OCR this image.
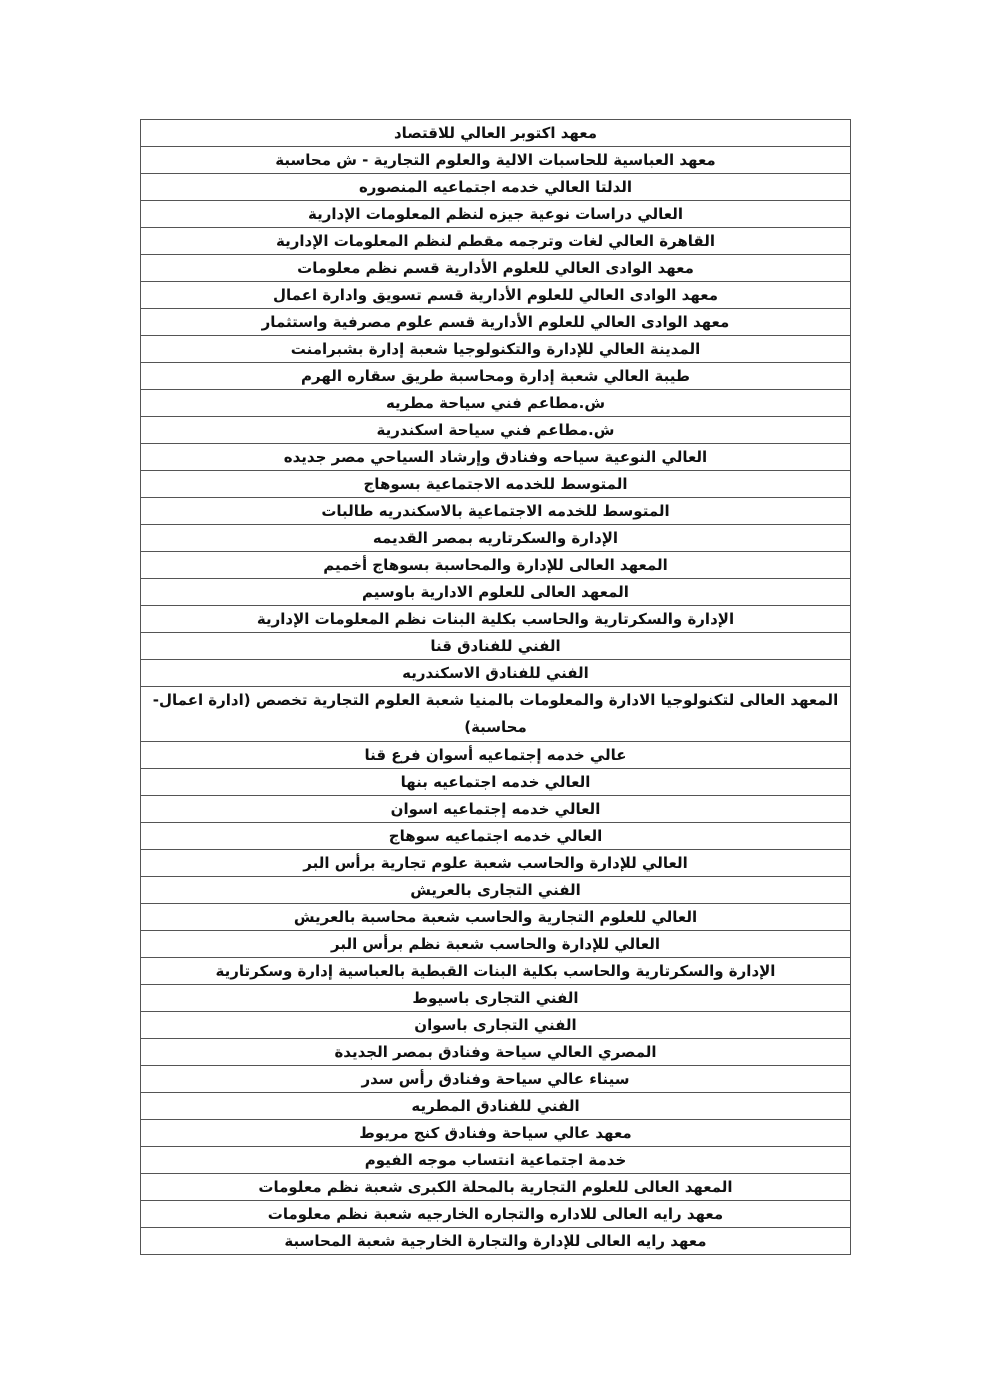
معهد اكتوبر العالي للاقتصاد
معهد العباسية للحاسبات الالية والعلوم التجارية - ش محاسبة
الدلتا العالي خدمه اجتماعيه المنصوره
العالي دراسات نوعية جيزه لنظم المعلومات الإدارية
القاهرة العالي لغات وترجمه مقطم لنظم المعلومات الإدارية
معهد الوادى العالي للعلوم الأدارية قسم نظم معلومات
معهد الوادى العالي للعلوم الأدارية قسم تسويق وادارة اعمال
معهد الوادى العالي للعلوم الأدارية قسم علوم مصرفية واستثمار
المدينة العالي للإدارة والتكنولوجيا شعبة إدارة بشبرامنت
طيبة العالي شعبة إدارة ومحاسبة طريق سقاره الهرم
ش.مطاعم فني سياحة مطريه
ش.مطاعم فني سياحة اسكندرية
العالي النوعية سياحه وفنادق وإرشاد السياحي مصر جديده
المتوسط للخدمه الاجتماعية بسوهاج
المتوسط للخدمه الاجتماعية بالاسكندريه طالبات
الإدارة والسكرتاريه بمصر القديمه
المعهد العالى للإدارة والمحاسبة بسوهاج أخميم
المعهد العالى للعلوم الادارية باوسيم
الإدارة والسكرتارية والحاسب بكلية البنات نظم المعلومات الإدارية
الفني للفنادق قنا
الفني للفنادق الاسكندريه
المعهد العالى لتكنولوجيا الادارة والمعلومات بالمنيا شعبة العلوم التجارية تخصص (ادارة اعمال-محاسبة)
عالي خدمه إجتماعيه أسوان فرع قنا
العالي خدمه اجتماعيه بنها
العالي خدمه إجتماعيه اسوان
العالي خدمه اجتماعيه سوهاج
العالي للإدارة والحاسب شعبة علوم تجارية برأس البر
الفني التجارى بالعريش
العالي للعلوم التجارية والحاسب شعبة محاسبة بالعريش
العالي للإدارة والحاسب شعبة نظم برأس البر
الإدارة والسكرتارية والحاسب بكلية البنات القبطية بالعباسية إدارة وسكرتارية
الفني التجارى باسيوط
الفني التجارى باسوان
المصري العالي سياحة وفنادق بمصر الجديدة
سيناء عالي سياحة وفنادق رأس سدر
الفني للفنادق المطريه
معهد عالي سياحة وفنادق كنج مريوط
خدمة اجتماعية انتساب موجه الفيوم
المعهد العالى للعلوم التجارية بالمحلة الكبرى شعبة نظم معلومات
معهد رايه العالى للاداره والتجاره الخارجيه شعبة نظم معلومات
معهد رايه العالى للإدارة والتجارة الخارجية شعبة المحاسبة
